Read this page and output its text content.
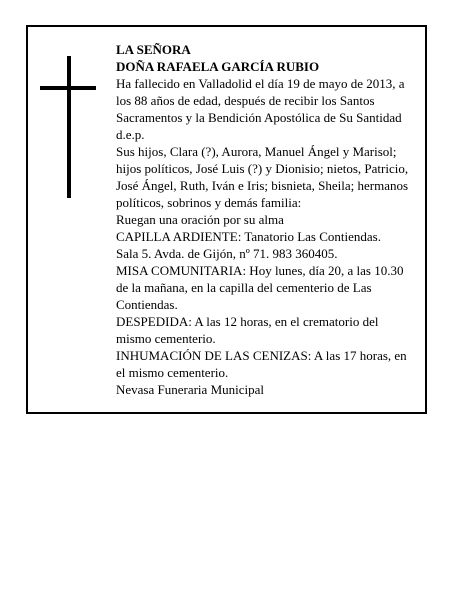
LA SEÑORA

DOÑA RAFAELA GARCÍA RUBIO

Ha fallecido en Valladolid el día 19 de mayo de 2013, a los 88 años de edad, después de recibir los Santos Sacramentos y la Bendición Apostólica de Su Santidad d.e.p.

Sus hijos, Clara (?), Aurora, Manuel Ángel y Marisol; hijos políticos, José Luis (?) y Dionisio; nietos, Patricio, José Ángel, Ruth, Iván e Iris; bisnieta, Sheila; hermanos políticos, sobrinos y demás familia:

Ruegan una oración por su alma

CAPILLA ARDIENTE: Tanatorio Las Contiendas.

Sala 5. Avda. de Gijón, nº 71. 983 360405.

MISA COMUNITARIA: Hoy lunes, día 20, a las 10.30 de la mañana, en la capilla del cementerio de Las Contiendas.

DESPEDIDA: A las 12 horas, en el crematorio del mismo cementerio.

INHUMACIÓN DE LAS CENIZAS: A las 17 horas, en el mismo cementerio.

Nevasa Funeraria Municipal
